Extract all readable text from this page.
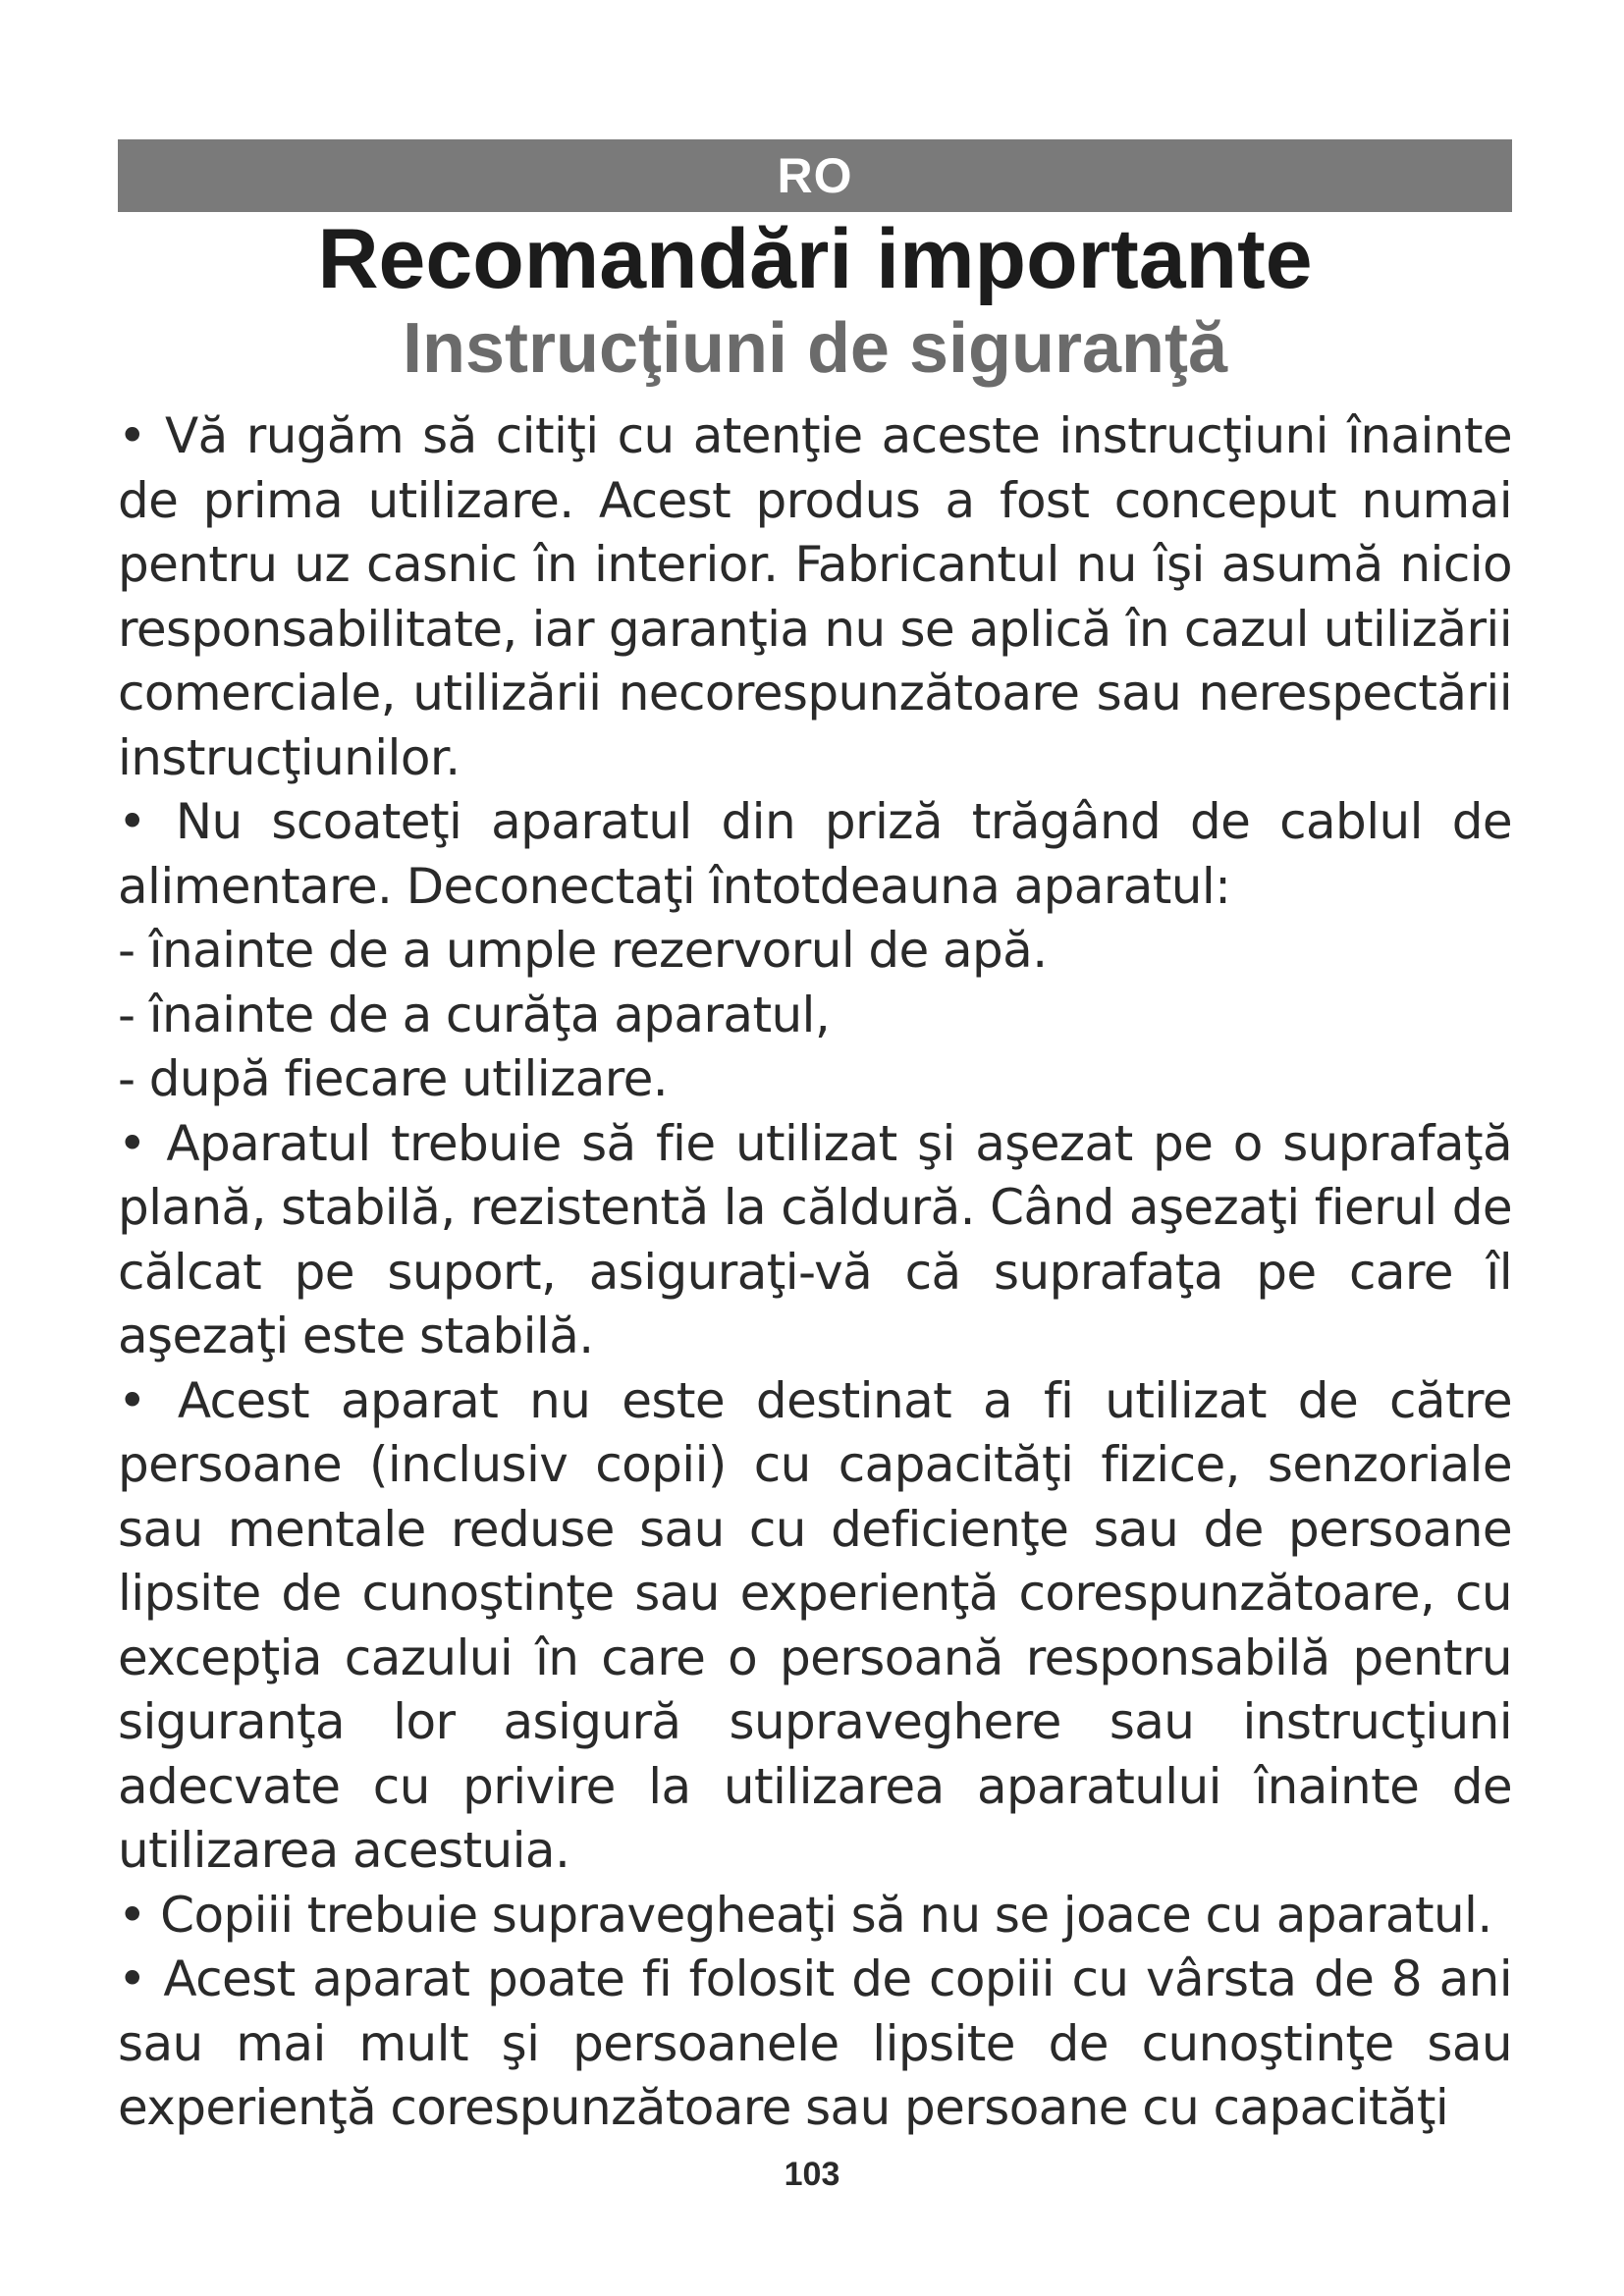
RO
Recomandări importante
Instrucţiuni de siguranţă

• Vă rugăm să citiţi cu atenţie aceste instrucţiuni înainte de prima utilizare. Acest produs a fost conceput numai pentru uz casnic în interior. Fabricantul nu îşi asumă nicio responsabilitate, iar garanţia nu se aplică în cazul utilizării comerciale, utilizării necorespunzătoare sau nerespectării instrucţiunilor.

• Nu scoateţi aparatul din priză trăgând de cablul de alimentare. Deconectaţi întotdeauna aparatul:

- înainte de a umple rezervorul de apă.

- înainte de a curăţa aparatul,

- după fiecare utilizare.

• Aparatul trebuie să fie utilizat şi aşezat pe o suprafaţă plană, stabilă, rezistentă la căldură. Când aşezaţi fierul de călcat pe suport, asiguraţi-vă că suprafaţa pe care îl aşezaţi este stabilă.

• Acest aparat nu este destinat a fi utilizat de către persoane (inclusiv copii) cu capacităţi fizice, senzoriale sau mentale reduse sau cu deficienţe sau de persoane lipsite de cunoştinţe sau experienţă corespunzătoare, cu excepţia cazului în care o persoană responsabilă pentru siguranţa lor asigură supraveghere sau instrucţiuni adecvate cu privire la utilizarea aparatului înainte de utilizarea acestuia.

• Copiii trebuie supravegheaţi să nu se joace cu aparatul.

• Acest aparat poate fi folosit de copiii cu vârsta de 8 ani sau mai mult şi persoanele lipsite de cunoştinţe sau experienţă corespunzătoare sau persoane cu capacităţi

103
